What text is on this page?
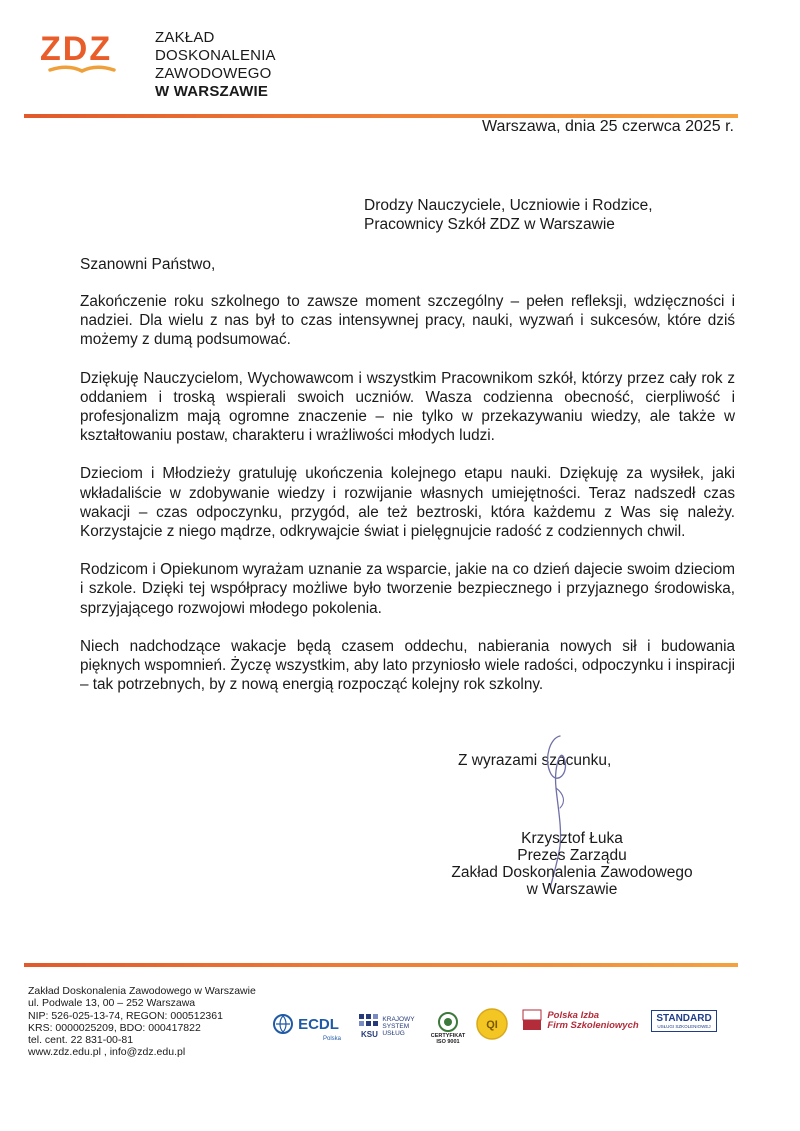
ZDZ	ZAKŁAD
DOSKONALENIA
ZAWODOWEGO
W WARSZAWIE
Warszawa, dnia 25 czerwca 2025 r.
Drodzy Nauczyciele, Uczniowie i Rodzice,
Pracownicy Szkół ZDZ w Warszawie
Szanowni Państwo,

Zakończenie roku szkolnego to zawsze moment szczególny – pełen refleksji, wdzięczności i nadziei. Dla wielu z nas był to czas intensywnej pracy, nauki, wyzwań i sukcesów, które dziś możemy z dumą podsumować.

Dziękuję Nauczycielom, Wychowawcom i wszystkim Pracownikom szkół, którzy przez cały rok z oddaniem i troską wspierali swoich uczniów. Wasza codzienna obecność, cierpliwość i profesjonalizm mają ogromne znaczenie – nie tylko w przekazywaniu wiedzy, ale także w kształtowaniu postaw, charakteru i wrażliwości młodych ludzi.

Dzieciom i Młodzieży gratuluję ukończenia kolejnego etapu nauki. Dziękuję za wysiłek, jaki wkładaliście w zdobywanie wiedzy i rozwijanie własnych umiejętności. Teraz nadszedł czas wakacji – czas odpoczynku, przygód, ale też beztroski, która każdemu z Was się należy. Korzystajcie z niego mądrze, odkrywajcie świat i pielęgnujcie radość z codziennych chwil.

Rodzicom i Opiekunom wyrażam uznanie za wsparcie, jakie na co dzień dajecie swoim dzieciom i szkole. Dzięki tej współpracy możliwe było tworzenie bezpiecznego i przyjaznego środowiska, sprzyjającego rozwojowi młodego pokolenia.

Niech nadchodzące wakacje będą czasem oddechu, nabierania nowych sił i budowania pięknych wspomnień. Życzę wszystkim, aby lato przyniosło wiele radości, odpoczynku i inspiracji – tak potrzebnych, by z nową energią rozpocząć kolejny rok szkolny.

Z wyrazami szacunku,
Krzysztof Łuka
Prezes Zarządu
Zakład Doskonalenia Zawodowego
w Warszawie
Zakład Doskonalenia Zawodowego w Warszawie
ul. Podwale 13, 00 – 252 Warszawa
NIP: 526-025-13-74, REGON: 000512361
KRS: 0000025209, BDO: 000417822
tel. cent. 22 831-00-81
www.zdz.edu.pl , info@zdz.edu.pl
ECDL
Polska
KSU
KRAJOWY
SYSTEM
USŁUG	CERTYFIKAT
ISO 9001
QI
Polska Izba
Firm Szkoleniowych
STANDARD
USŁUGI SZKOLENIOWEJ
